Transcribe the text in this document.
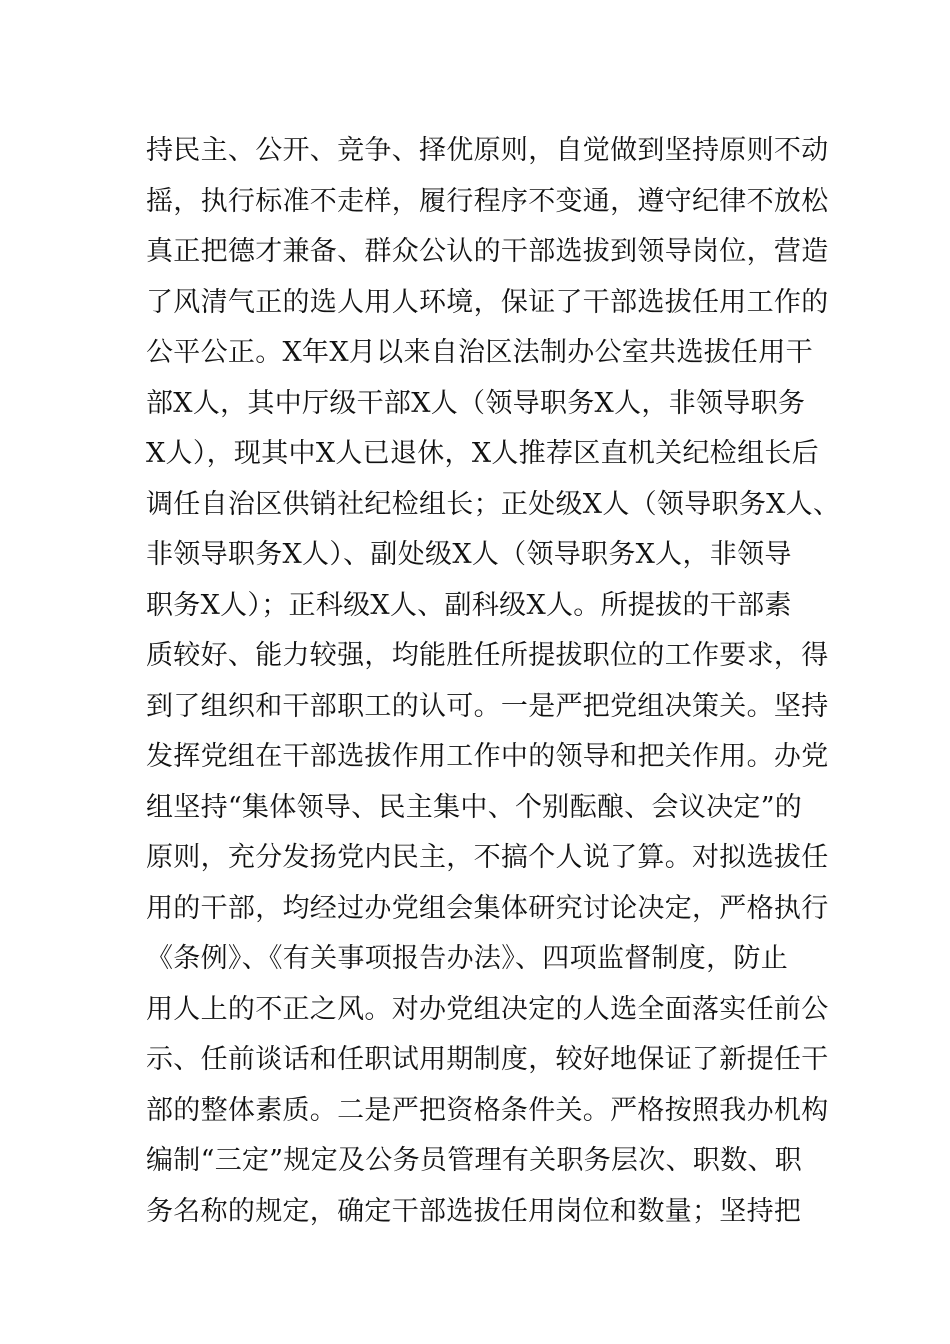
持民主、公开、竞争、择优原则，自觉做到坚持原则不动
摇，执行标准不走样，履行程序不变通，遵守纪律不放松
真正把德才兼备、群众公认的干部选拔到领导岗位，营造
了风清气正的选人用人环境，保证了干部选拔任用工作的
公平公正。X年X月以来自治区法制办公室共选拔任用干
部X人，其中厅级干部X人（领导职务X人，非领导职务
X人），现其中X人已退休，X人推荐区直机关纪检组长后
调任自治区供销社纪检组长；正处级X人（领导职务X人、
非领导职务X人）、副处级X人（领导职务X人，非领导
职务X人）；正科级X人、副科级X人。所提拔的干部素
质较好、能力较强，均能胜任所提拔职位的工作要求，得
到了组织和干部职工的认可。一是严把党组决策关。坚持
发挥党组在干部选拔作用工作中的领导和把关作用。办党
组坚持“集体领导、民主集中、个别酝酿、会议决定”的
原则，充分发扬党内民主，不搞个人说了算。对拟选拔任
用的干部，均经过办党组会集体研究讨论决定，严格执行
《条例》、《有关事项报告办法》、四项监督制度，防止
用人上的不正之风。对办党组决定的人选全面落实任前公
示、任前谈话和任职试用期制度，较好地保证了新提任干
部的整体素质。二是严把资格条件关。严格按照我办机构
编制“三定”规定及公务员管理有关职务层次、职数、职
务名称的规定，确定干部选拔任用岗位和数量；坚持把
